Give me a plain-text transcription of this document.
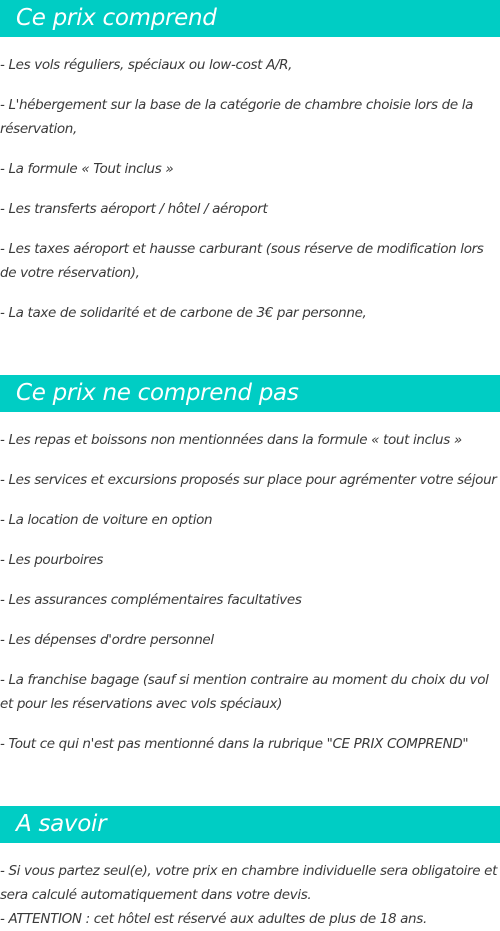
Ce prix comprend
- Les vols réguliers, spéciaux ou low-cost A/R,
- L'hébergement sur la base de la catégorie de chambre choisie lors de la réservation,
- La formule « Tout inclus »
- Les transferts aéroport / hôtel / aéroport
- Les taxes aéroport et hausse carburant (sous réserve de modification lors de votre réservation),
- La taxe de solidarité et de carbone de 3€ par personne,
Ce prix ne comprend pas
- Les repas et boissons non mentionnées dans la formule « tout inclus »
- Les services et excursions proposés sur place pour agrémenter votre séjour
- La location de voiture en option
- Les pourboires
- Les assurances complémentaires facultatives
- Les dépenses d'ordre personnel
- La franchise bagage (sauf si mention contraire au moment du choix du vol et pour les réservations avec vols spéciaux)
- Tout ce qui n'est pas mentionné dans la rubrique "CE PRIX COMPREND"
A savoir
- Si vous partez seul(e), votre prix en chambre individuelle sera obligatoire et sera calculé automatiquement dans votre devis.
- ATTENTION : cet hôtel est réservé aux adultes de plus de 18 ans.
